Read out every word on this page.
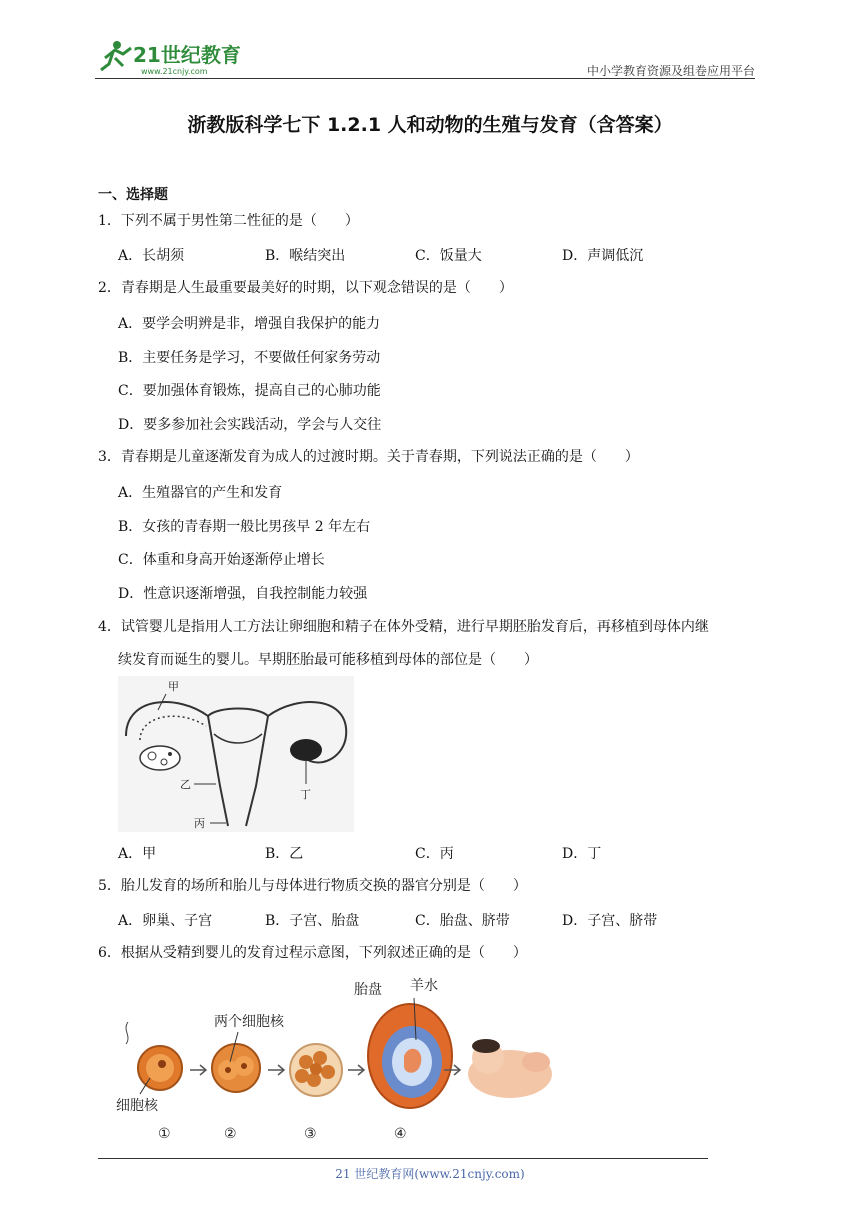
21世纪教育
www.21cnjy.com	中小学教育资源及组卷应用平台
浙教版科学七下 1.2.1 人和动物的生殖与发育（含答案）
一、选择题
1．下列不属于男性第二性征的是（　　）
A．长胡须	B．喉结突出	C．饭量大	D．声调低沉
2．青春期是人生最重要最美好的时期，以下观念错误的是（　　）
A．要学会明辨是非，增强自我保护的能力
B．主要任务是学习，不要做任何家务劳动
C．要加强体育锻炼，提高自己的心肺功能
D．要多参加社会实践活动，学会与人交往
3．青春期是儿童逐渐发育为成人的过渡时期。关于青春期，下列说法正确的是（　　）
A．生殖器官的产生和发育
B．女孩的青春期一般比男孩早 2 年左右
C．体重和身高开始逐渐停止增长
D．性意识逐渐增强，自我控制能力较强
4．试管婴儿是指用人工方法让卵细胞和精子在体外受精，进行早期胚胎发育后，再移植到母体内继
续发育而诞生的婴儿。早期胚胎最可能移植到母体的部位是（　　）
甲
乙
丙
丁
A．甲	B．乙	C．丙	D．丁
5．胎儿发育的场所和胎儿与母体进行物质交换的器官分别是（　　）
A．卵巢、子宫	B．子宫、胎盘	C．胎盘、脐带	D．子宫、脐带
6．根据从受精到婴儿的发育过程示意图，下列叙述正确的是（　　）
胎盘 羊水
两个细胞核
细胞核
①	②	③	④
21 世纪教育网(www.21cnjy.com)
